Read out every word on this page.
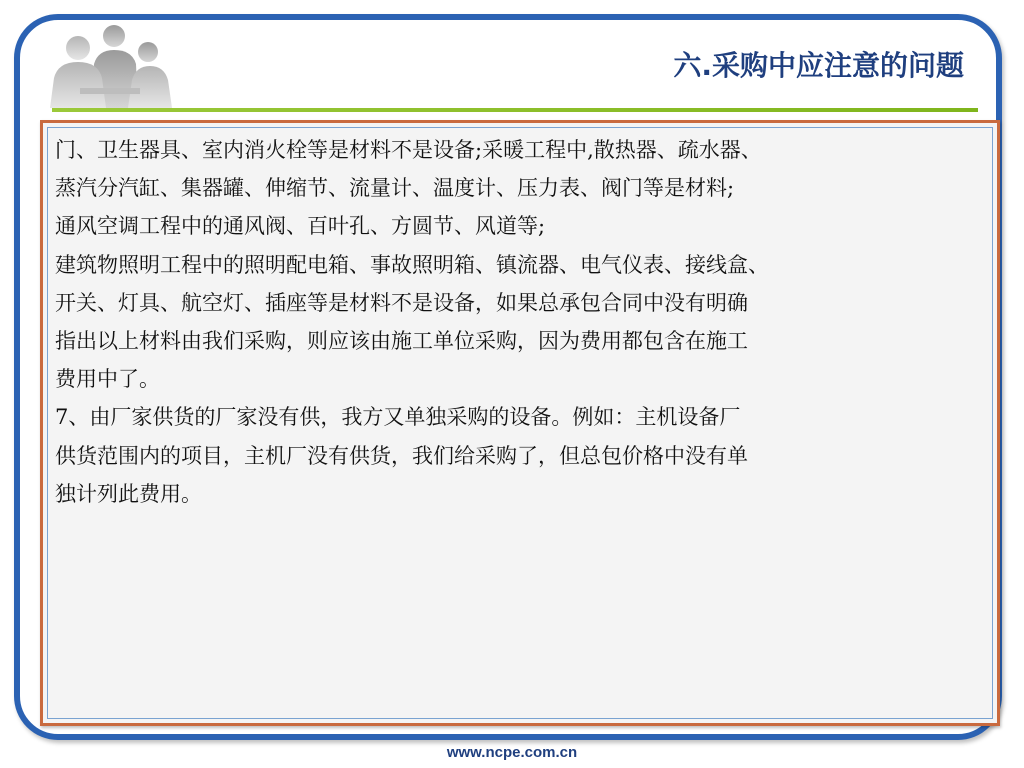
六.采购中应注意的问题

门、卫生器具、室内消火栓等是材料不是设备;采暖工程中,散热器、疏水器、
蒸汽分汽缸、集器罐、伸缩节、流量计、温度计、压力表、阀门等是材料;
通风空调工程中的通风阀、百叶孔、方圆节、风道等;
建筑物照明工程中的照明配电箱、事故照明箱、镇流器、电气仪表、接线盒、
开关、灯具、航空灯、插座等是材料不是设备，如果总承包合同中没有明确
指出以上材料由我们采购，则应该由施工单位采购，因为费用都包含在施工
费用中了。
7、由厂家供货的厂家没有供，我方又单独采购的设备。例如：主机设备厂
供货范围内的项目，主机厂没有供货，我们给采购了，但总包价格中没有单
独计列此费用。

www.ncpe.com.cn
